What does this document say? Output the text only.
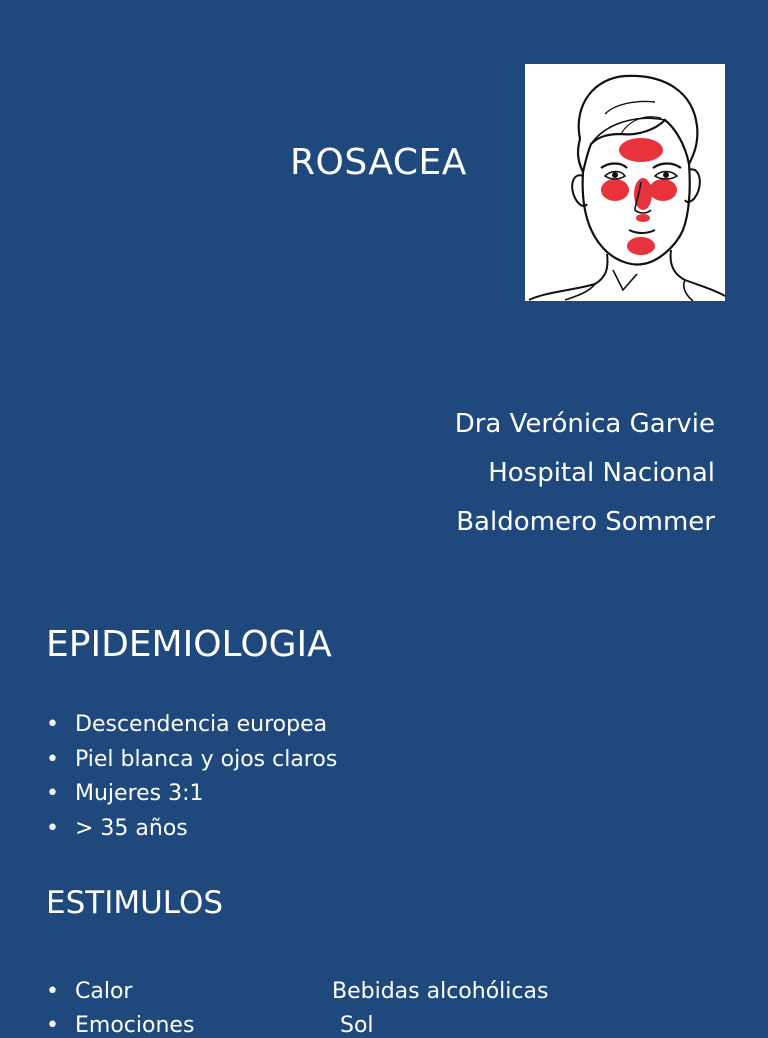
ROSACEA
Dra Verónica Garvie
Hospital Nacional
Baldomero Sommer
EPIDEMIOLOGIA
• Descendencia europea
• Piel blanca y ojos claros
• Mujeres 3:1
• > 35 años
ESTIMULOS
• Calor	Bebidas alcohólicas
• Emociones	Sol
